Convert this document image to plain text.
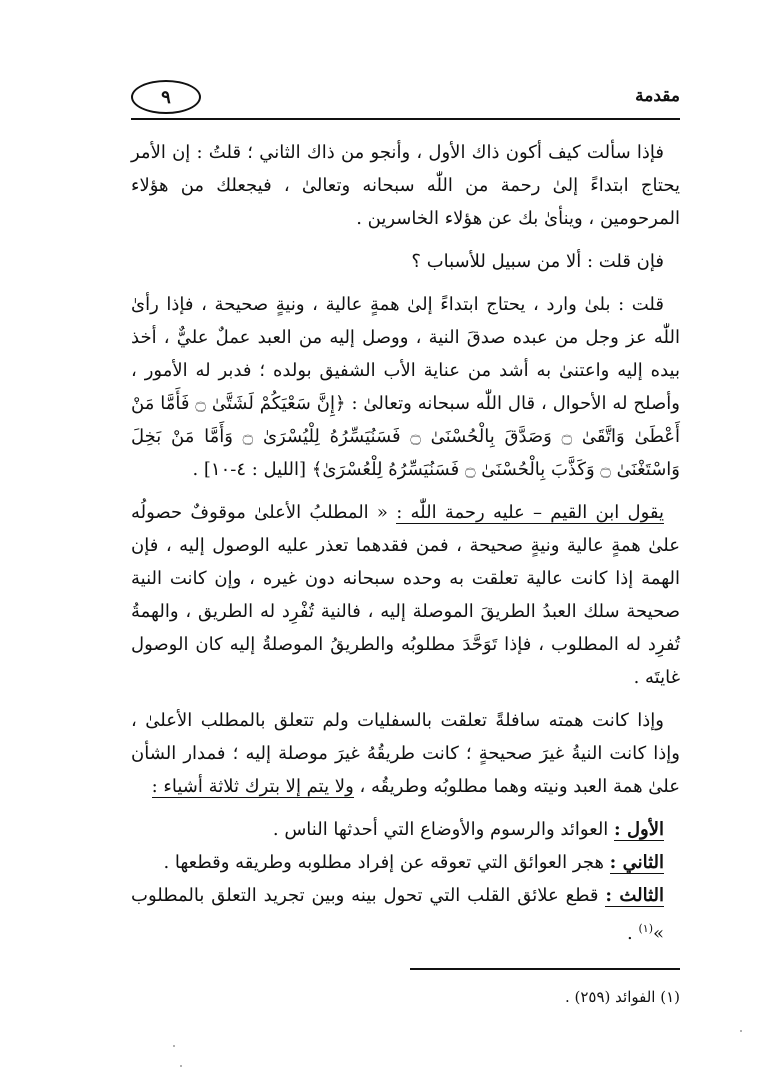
مقدمة
٩

فإذا سألت كيف أكون ذاك الأول ، وأنجو من ذاك الثاني ؛ قلتُ : إن الأمر يحتاج ابتداءً إلىٰ رحمة من اللّٰه سبحانه وتعالىٰ ، فيجعلك من هؤلاء المرحومين ، وينأىٰ بك عن هؤلاء الخاسرين .

فإن قلت : ألا من سبيل للأسباب ؟

قلت : بلىٰ وارد ، يحتاج ابتداءً إلىٰ همةٍ عالية ، ونيةٍ صحيحة ، فإذا رأىٰ اللّٰه عز وجل من عبده صدقَ النية ، ووصل إليه من العبد عملٌ عليٌّ ، أخذ بيده إليه واعتنىٰ به أشد من عناية الأب الشفيق بولده ؛ فدبر له الأمور ، وأصلح له الأحوال ، قال اللّٰه سبحانه وتعالىٰ : ﴿إِنَّ سَعْيَكُمْ لَشَتَّىٰ ۝ فَأَمَّا مَنْ أَعْطَىٰ وَاتَّقَىٰ ۝ وَصَدَّقَ بِالْحُسْنَىٰ ۝ فَسَنُيَسِّرُهُ لِلْيُسْرَىٰ ۝ وَأَمَّا مَنْ بَخِلَ وَاسْتَغْنَىٰ ۝ وَكَذَّبَ بِالْحُسْنَىٰ ۝ فَسَنُيَسِّرُهُ لِلْعُسْرَىٰ﴾ [الليل : ٤-١٠] .

يقول ابن القيم – عليه رحمة اللّٰه : « المطلبُ الأعلىٰ موقوفٌ حصولُه علىٰ همةٍ عالية ونيةٍ صحيحة ، فمن فقدهما تعذر عليه الوصول إليه ، فإن الهمة إذا كانت عالية تعلقت به وحده سبحانه دون غيره ، وإن كانت النية صحيحة سلك العبدُ الطريقَ الموصلة إليه ، فالنية تُفْرِد له الطريق ، والهمةُ تُفرِد له المطلوب ، فإذا تَوَحَّدَ مطلوبُه والطريقُ الموصلةُ إليه كان الوصول غايتَه .

وإذا كانت همته سافلةً تعلقت بالسفليات ولم تتعلق بالمطلب الأعلىٰ ، وإذا كانت النيةُ غيرَ صحيحةٍ ؛ كانت طريقُهُ غيرَ موصلة إليه ؛ فمدار الشأن علىٰ همة العبد ونيته وهما مطلوبُه وطريقُه ، ولا يتم إلا بترك ثلاثة أشياء :

الأول : العوائد والرسوم والأوضاع التي أحدثها الناس .
الثاني : هجر العوائق التي تعوقه عن إفراد مطلوبه وطريقه وقطعها .
الثالث : قطع علائق القلب التي تحول بينه وبين تجريد التعلق بالمطلوب »$^{(١)}$ .
(١) الفوائد (٢٥٩) .
